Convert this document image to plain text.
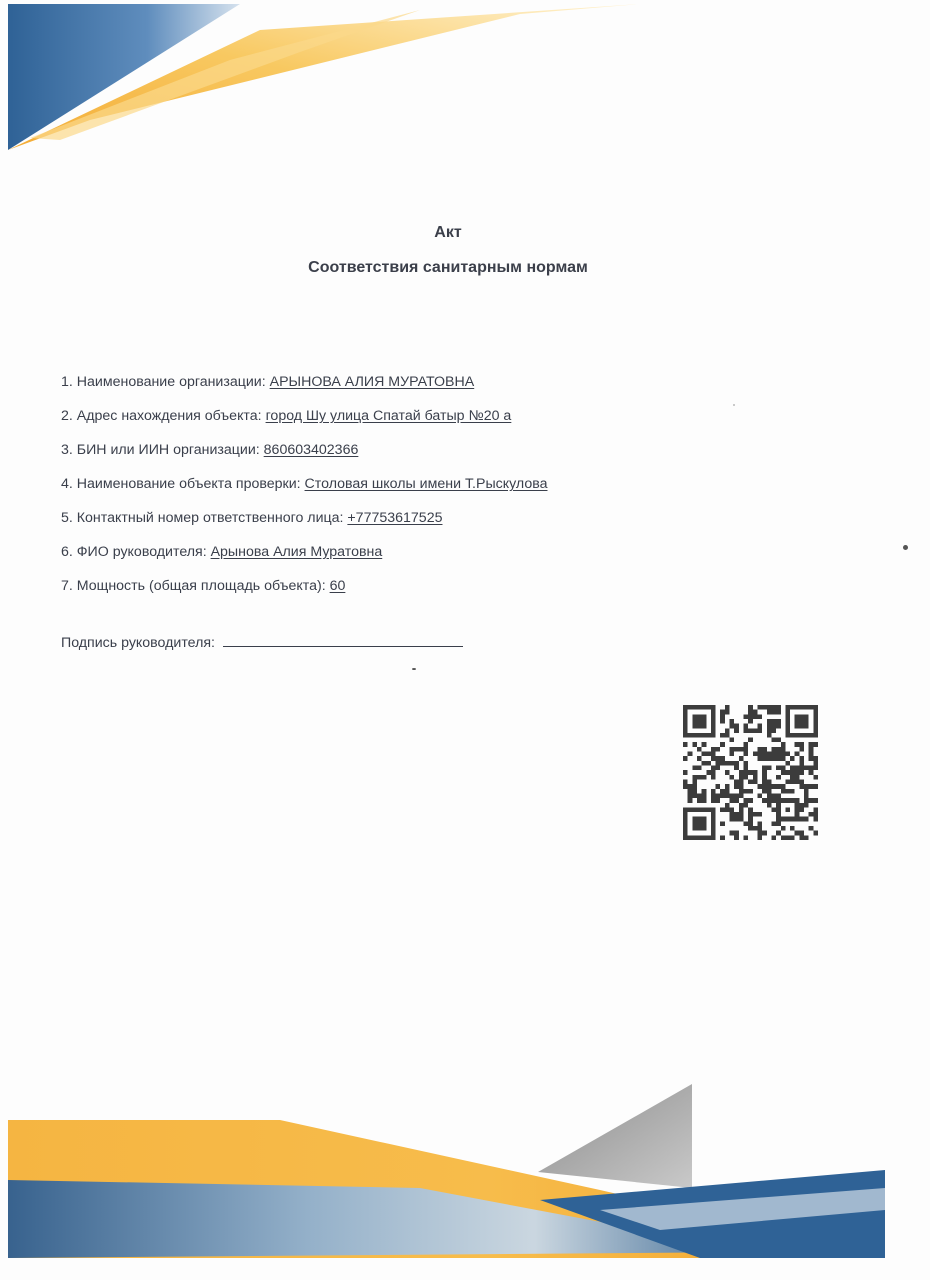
Акт
Соответствия санитарным нормам
1. Наименование организации: АРЫНОВА АЛИЯ МУРАТОВНА
2. Адрес нахождения объекта: город Шу улица Спатай батыр №20 а
3. БИН или ИИН организации: 860603402366
4. Наименование объекта проверки: Столовая школы имени Т.Рыскулова
5. Контактный номер ответственного лица: +77753617525
6. ФИО руководителя: Арынова Алия Муратовна
7. Мощность (общая площадь объекта): 60
Подпись руководителя:
